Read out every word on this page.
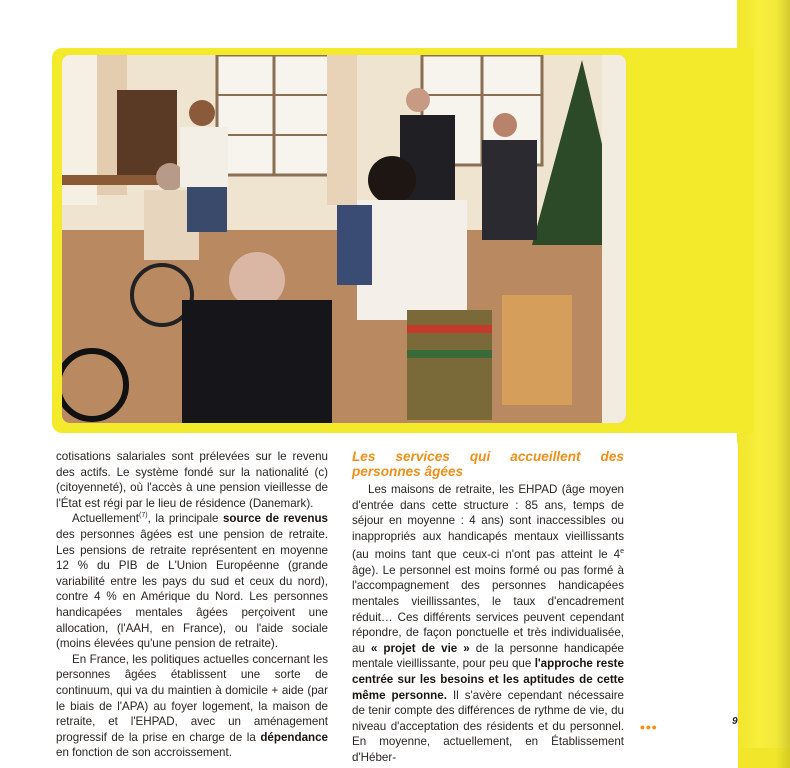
cotisations salariales sont prélevées sur le revenu des actifs. Le système fondé sur la nationalité (c) (citoyenneté), où l'accès à une pension vieillesse de l'État est régi par le lieu de résidence (Danemark).

Actuellement$^{(7)}$, la principale source de revenus des personnes âgées est une pension de retraite. Les pensions de retraite représentent en moyenne 12 % du PIB de L'Union Européenne (grande variabilité entre les pays du sud et ceux du nord), contre 4 % en Amérique du Nord. Les personnes handicapées mentales âgées perçoivent une allocation, (l'AAH, en France), ou l'aide sociale (moins élevées qu'une pension de retraite).

En France, les politiques actuelles concernant les personnes âgées établissent une sorte de continuum, qui va du maintien à domicile + aide (par le biais de l'APA) au foyer logement, la maison de retraite, et l'EHPAD, avec un aménagement progressif de la prise en charge de la dépendance en fonction de son accroissement.

Les services qui accueillent des personnes âgées

Les maisons de retraite, les EHPAD (âge moyen d'entrée dans cette structure : 85 ans, temps de séjour en moyenne : 4 ans) sont inaccessibles ou inappropriés aux handicapés mentaux vieillissants (au moins tant que ceux-ci n'ont pas atteint le 4e âge). Le personnel est moins formé ou pas formé à l'accompagnement des personnes handicapées mentales vieillissantes, le taux d'encadrement réduit… Ces différents services peuvent cependant répondre, de façon ponctuelle et très individualisée, au « projet de vie » de la personne handicapée mentale vieillissante, pour peu que l'approche reste centrée sur les besoins et les aptitudes de cette même personne. Il s'avère cependant nécessaire de tenir compte des différences de rythme de vie, du niveau d'acceptation des résidents et du personnel. En moyenne, actuellement, en Établissement d'Héber-

•••	9
